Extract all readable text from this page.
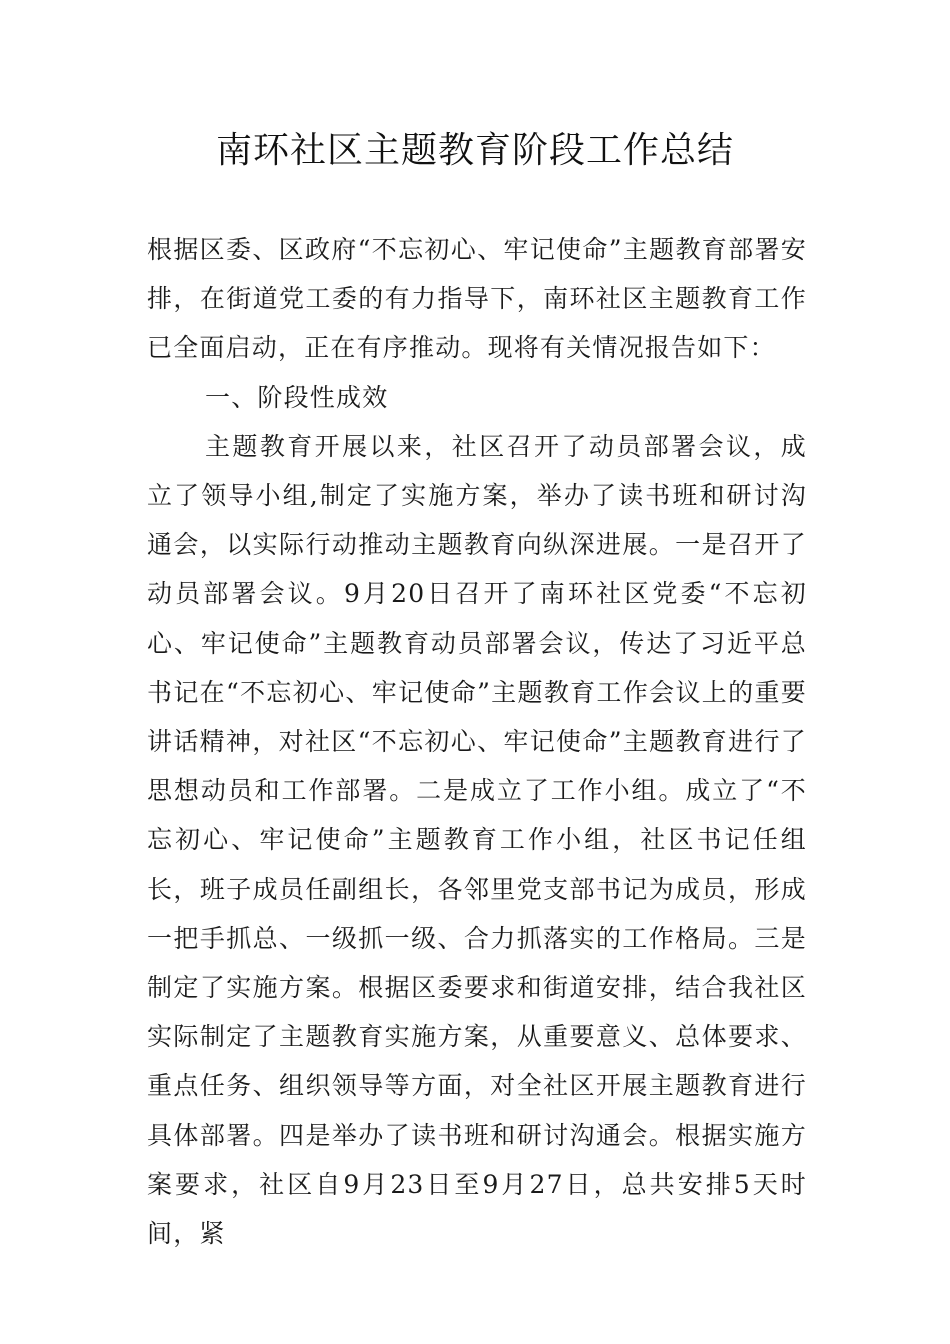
南环社区主题教育阶段工作总结

根据区委、区政府“不忘初心、牢记使命”主题教育部署安排，在街道党工委的有力指导下，南环社区主题教育工作已全面启动，正在有序推动。现将有关情况报告如下：

一、阶段性成效

主题教育开展以来，社区召开了动员部署会议，成立了领导小组,制定了实施方案，举办了读书班和研讨沟通会，以实际行动推动主题教育向纵深进展。一是召开了动员部署会议。9月20日召开了南环社区党委“不忘初心、牢记使命”主题教育动员部署会议，传达了习近平总书记在“不忘初心、牢记使命”主题教育工作会议上的重要讲话精神，对社区“不忘初心、牢记使命”主题教育进行了思想动员和工作部署。二是成立了工作小组。成立了“不忘初心、牢记使命”主题教育工作小组，社区书记任组长，班子成员任副组长，各邻里党支部书记为成员，形成一把手抓总、一级抓一级、合力抓落实的工作格局。三是制定了实施方案。根据区委要求和街道安排，结合我社区实际制定了主题教育实施方案，从重要意义、总体要求、重点任务、组织领导等方面，对全社区开展主题教育进行具体部署。四是举办了读书班和研讨沟通会。根据实施方案要求，社区自9月23日至9月27日，总共安排5天时间，紧
